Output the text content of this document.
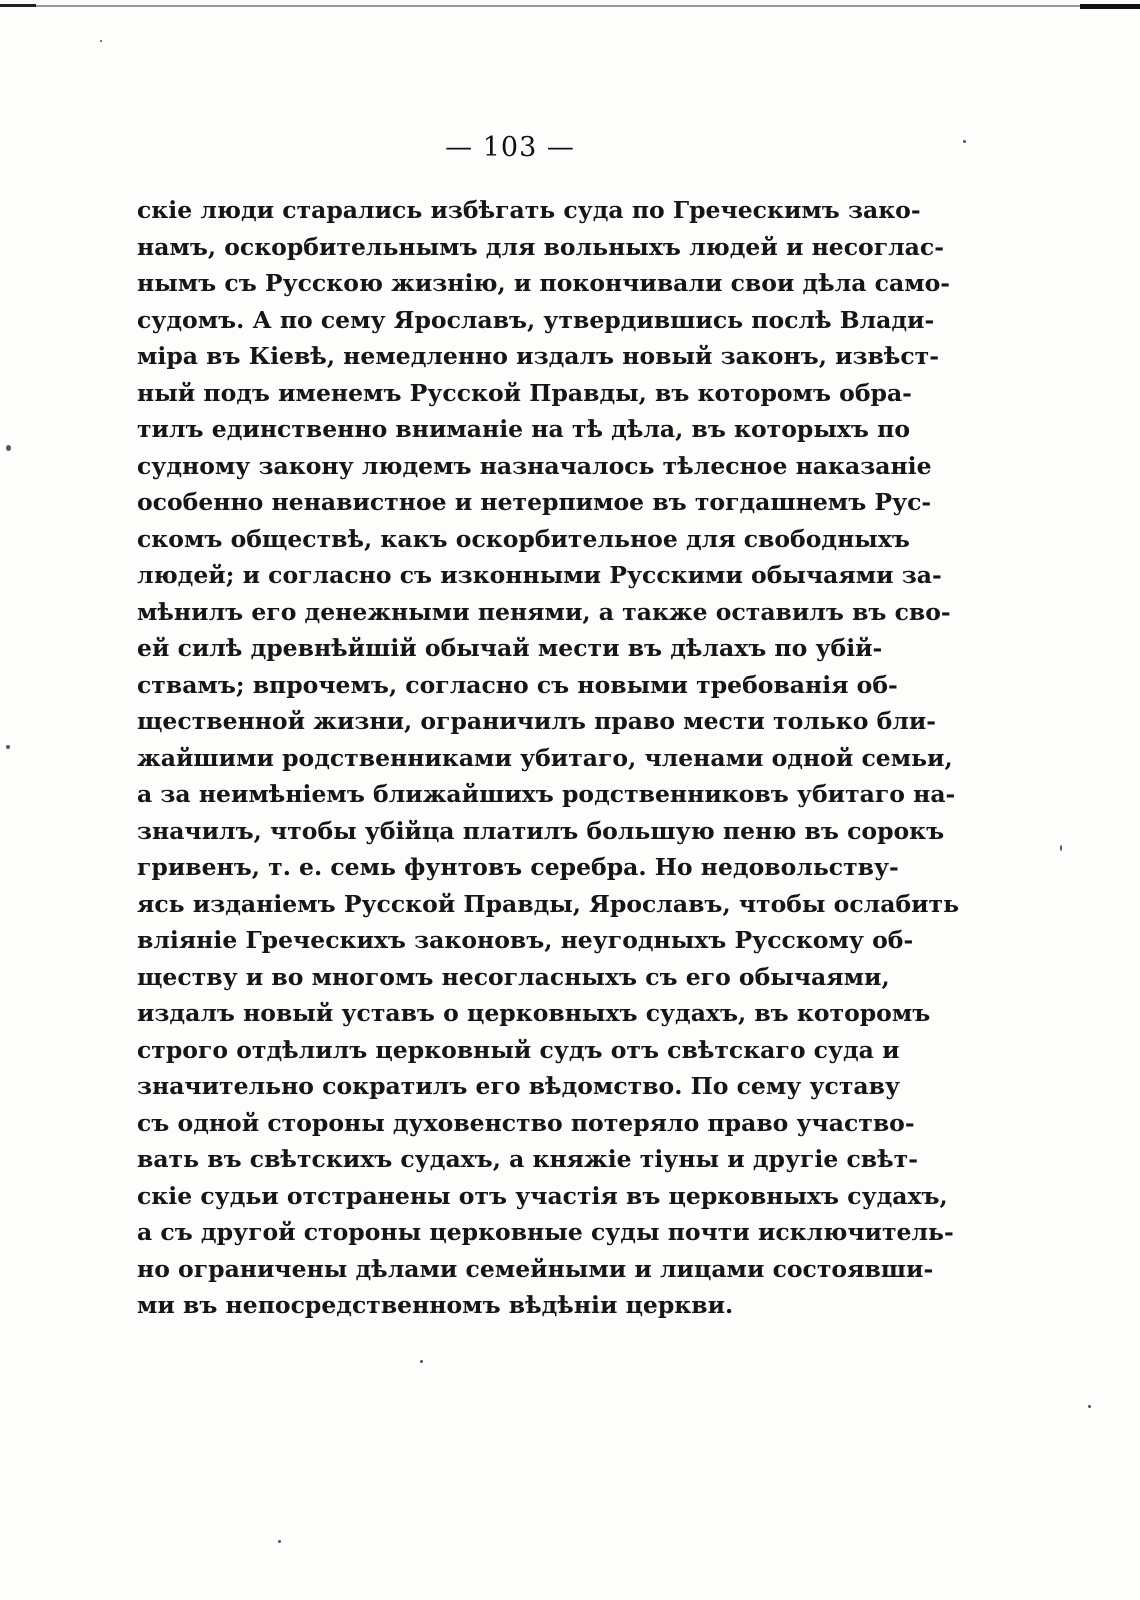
— 103 —
скіе люди старались избѣгать суда по Греческимъ зако-
намъ, оскорбительнымъ для вольныхъ людей и несоглас-
нымъ съ Русскою жизнію, и покончивали свои дѣла само-
судомъ. А по сему Ярославъ, утвердившись послѣ Влади-
міра въ Кіевѣ, немедленно издалъ новый законъ, извѣст-
ный подъ именемъ Русской Правды, въ которомъ обра-
тилъ единственно вниманіе на тѣ дѣла, въ которыхъ по
судному закону людемъ назначалось тѣлесное наказаніе
особенно ненавистное и нетерпимое въ тогдашнемъ Рус-
скомъ обществѣ, какъ оскорбительное для свободныхъ
людей; и согласно съ изконными Русскими обычаями за-
мѣнилъ его денежными пенями, а также оставилъ въ сво-
ей силѣ древнѣйшій обычай мести въ дѣлахъ по убій-
ствамъ; впрочемъ, согласно съ новыми требованія об-
щественной жизни, ограничилъ право мести только бли-
жайшими родственниками убитаго, членами одной семьи,
а за неимѣніемъ ближайшихъ родственниковъ убитаго на-
значилъ, чтобы убійца платилъ большую пеню въ сорокъ
гривенъ, т. е. семь фунтовъ серебра. Но недовольству-
ясь изданіемъ Русской Правды, Ярославъ, чтобы ослабить
вліяніе Греческихъ законовъ, неугодныхъ Русскому об-
ществу и во многомъ несогласныхъ съ его обычаями,
издалъ новый уставъ о церковныхъ судахъ, въ которомъ
строго отдѣлилъ церковный судъ отъ свѣтскаго суда и
значительно сократилъ его вѣдомство. По сему уставу
съ одной стороны духовенство потеряло право участво-
вать въ свѣтскихъ судахъ, а княжіе тіуны и другіе свѣт-
скіе судьи отстранены отъ участія въ церковныхъ судахъ,
а съ другой стороны церковные суды почти исключитель-
но ограничены дѣлами семейными и лицами состоявши-
ми въ непосредственномъ вѣдѣніи церкви.
